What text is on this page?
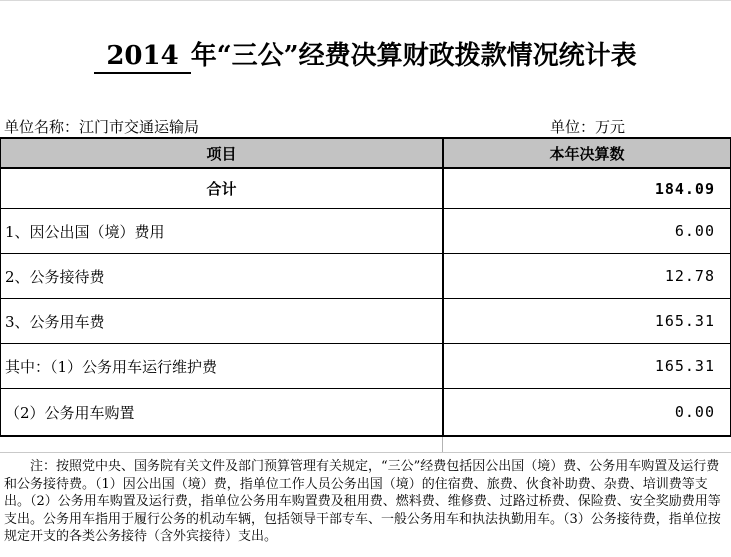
2014 年“三公”经费决算财政拨款情况统计表
单位名称：江门市交通运输局	单位：万元
项目	本年决算数
合计	184.09
1、因公出国（境）费用	6.00
2、公务接待费	12.78
3、公务用车费	165.31
其中：（1）公务用车运行维护费	165.31
（2）公务用车购置	0.00
注：按照党中央、国务院有关文件及部门预算管理有关规定，“三公”经费包括因公出国（境）费、公务用车购置及运行费和公务接待费。（1）因公出国（境）费，指单位工作人员公务出国（境）的住宿费、旅费、伙食补助费、杂费、培训费等支出。（2）公务用车购置及运行费，指单位公务用车购置费及租用费、燃料费、维修费、过路过桥费、保险费、安全奖励费用等支出。公务用车指用于履行公务的机动车辆，包括领导干部专车、一般公务用车和执法执勤用车。（3）公务接待费，指单位按规定开支的各类公务接待（含外宾接待）支出。
